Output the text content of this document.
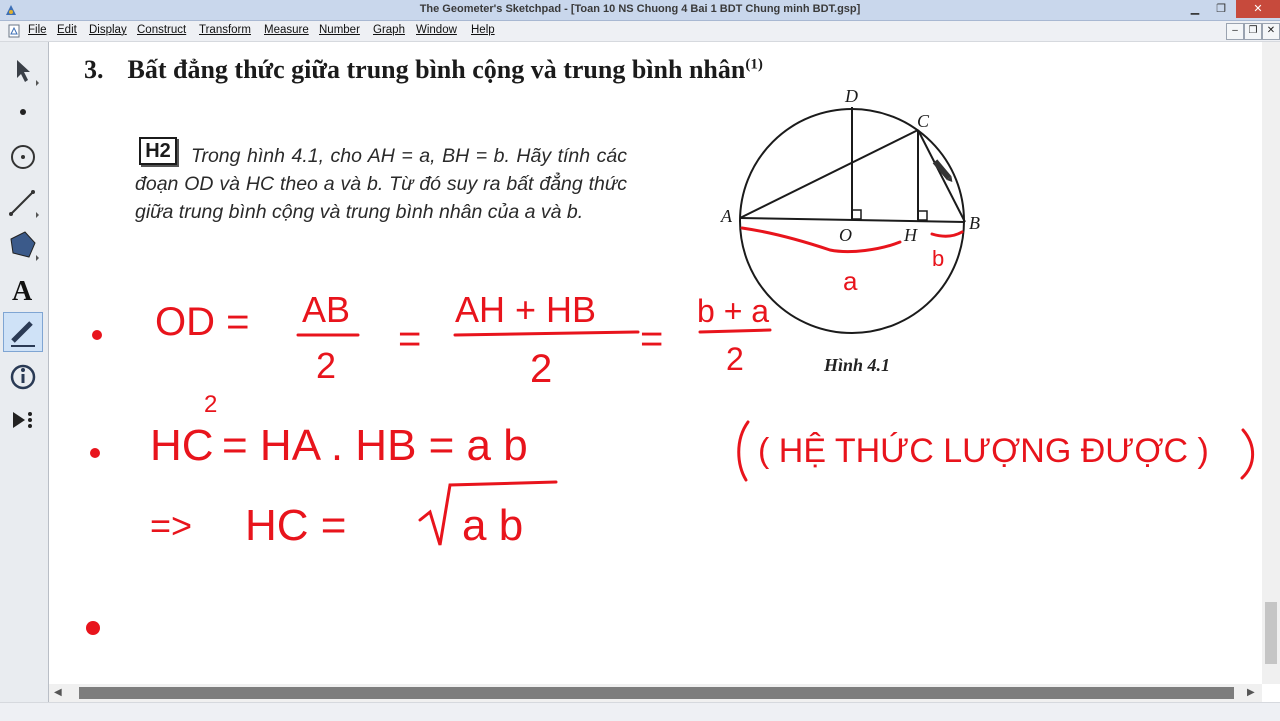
The Geometer's Sketchpad - [Toan 10 NS Chuong 4 Bai 1 BDT Chung minh BDT.gsp]	▁	❐	✕
File Edit Display Construct Transform Measure Number Graph Window Help	–	❐ ✕
A
3. Bất đẳng thức giữa trung bình cộng và trung bình nhân$^{(1)}$
Trong hình 4.1, cho AH = a, BH = b. Hãy tính các đoạn OD và HC theo a và b. Từ đó suy ra bất đẳng thức giữa trung bình cộng và trung bình nhân của a và b.
H2
Hình 4.1
D
C
A	B
O	H
a
b
OD = AB
2
=
AH + HB
2
=
b + a
2
HC
2
= HA . HB = a b	( HỆ THỨC LƯỢNG ĐƯỢC )
=> HC =	a b
◀	▶
